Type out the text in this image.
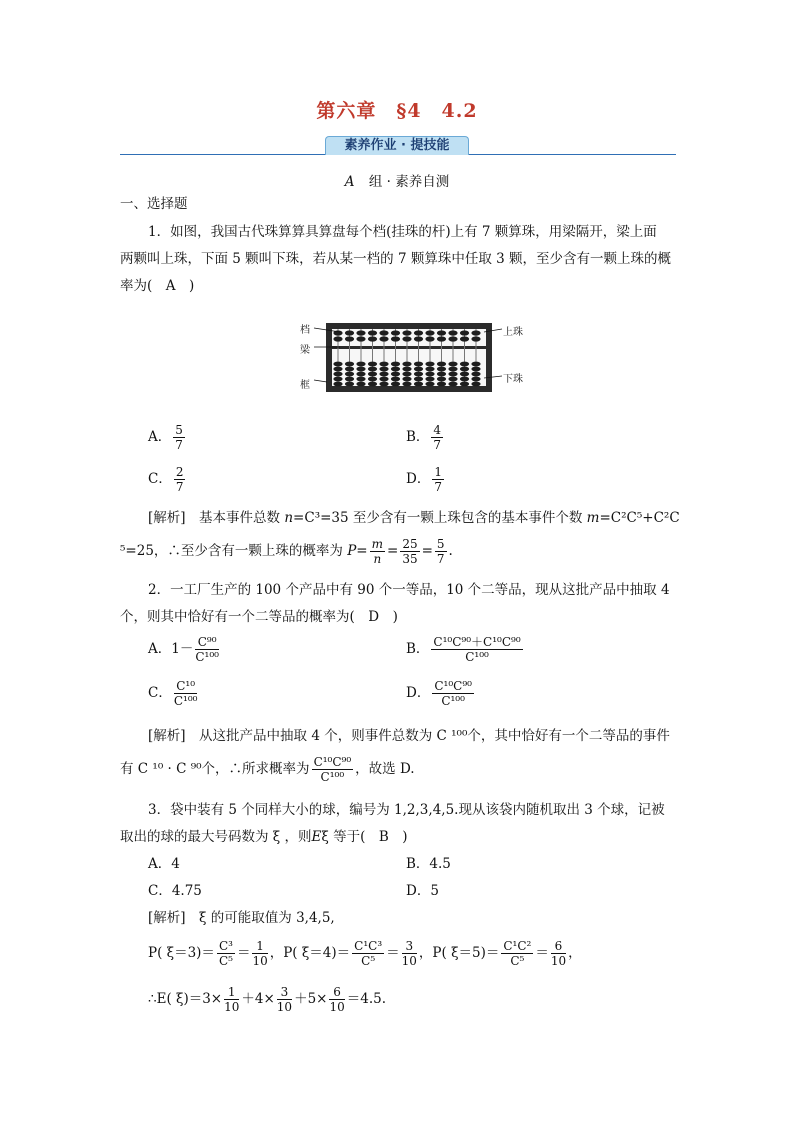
第六章　§4　4.2
素养作业 · 提技能
A 组 · 素养自测
一、选择题
1．如图，我国古代珠算算具算盘每个档(挂珠的杆)上有 7 颗算珠，用梁隔开，梁上面
两颗叫上珠，下面 5 颗叫下珠，若从某一档的 7 颗算珠中任取 3 颗，至少含有一颗上珠的概
率为(　A　)
档
梁
框
上珠
下珠
A． $\frac{5}{7}$	B． $\frac{4}{7}$
C． $\frac{2}{7}$	D． $\frac{1}{7}$
[解析]　基本事件总数 n=C³=35 至少含有一颗上珠包含的基本事件个数 m=C²C⁵+C²C
⁵=25，∴至少含有一颗上珠的概率为 $P= \frac{m}{n} = \frac{25}{35} = \frac{5}{7}$ .
2．一工厂生产的 100 个产品中有 90 个一等品，10 个二等品，现从这批产品中抽取 4
个，则其中恰好有一个二等品的概率为(　D　)
A．$1- \frac{\text{C⁹⁰}}{\text{C¹⁰⁰}}$	B． $\frac{\text{C¹⁰C⁹⁰＋C¹⁰C⁹⁰}}{\text{C¹⁰⁰}}$
C． $\frac{\text{C¹⁰}}{\text{C¹⁰⁰}}$	D． $\frac{\text{C¹⁰C⁹⁰}}{\text{C¹⁰⁰}}$
[解析]　从这批产品中抽取 4 个，则事件总数为 C ¹⁰⁰个，其中恰好有一个二等品的事件
有 C ¹⁰ · C ⁹⁰个，∴所求概率为 $\frac{\text{C¹⁰C⁹⁰}}{\text{C¹⁰⁰}}$ ，故选 D.
3．袋中装有 5 个同样大小的球，编号为 1,2,3,4,5.现从该袋内随机取出 3 个球，记被
取出的球的最大号码数为 ξ ，则Eξ 等于(　B　)
A．4	B．4.5
C．4.75	D．5
[解析]　ξ 的可能取值为 3,4,5,
P( $\xi=3)= \frac{\text{C³}}{\text{C⁵}} = \frac{1}{10}$ ，P( $\xi=4)= \frac{\text{C¹C³}}{\text{C⁵}} = \frac{3}{10}$ ，P( $\xi=5)= \frac{\text{C¹C²}}{\text{C⁵}} = \frac{6}{10}$ ，
∴E( $\xi)=3\times \frac{1}{10} +4\times \frac{3}{10} +5\times \frac{6}{10} =4.5$.
